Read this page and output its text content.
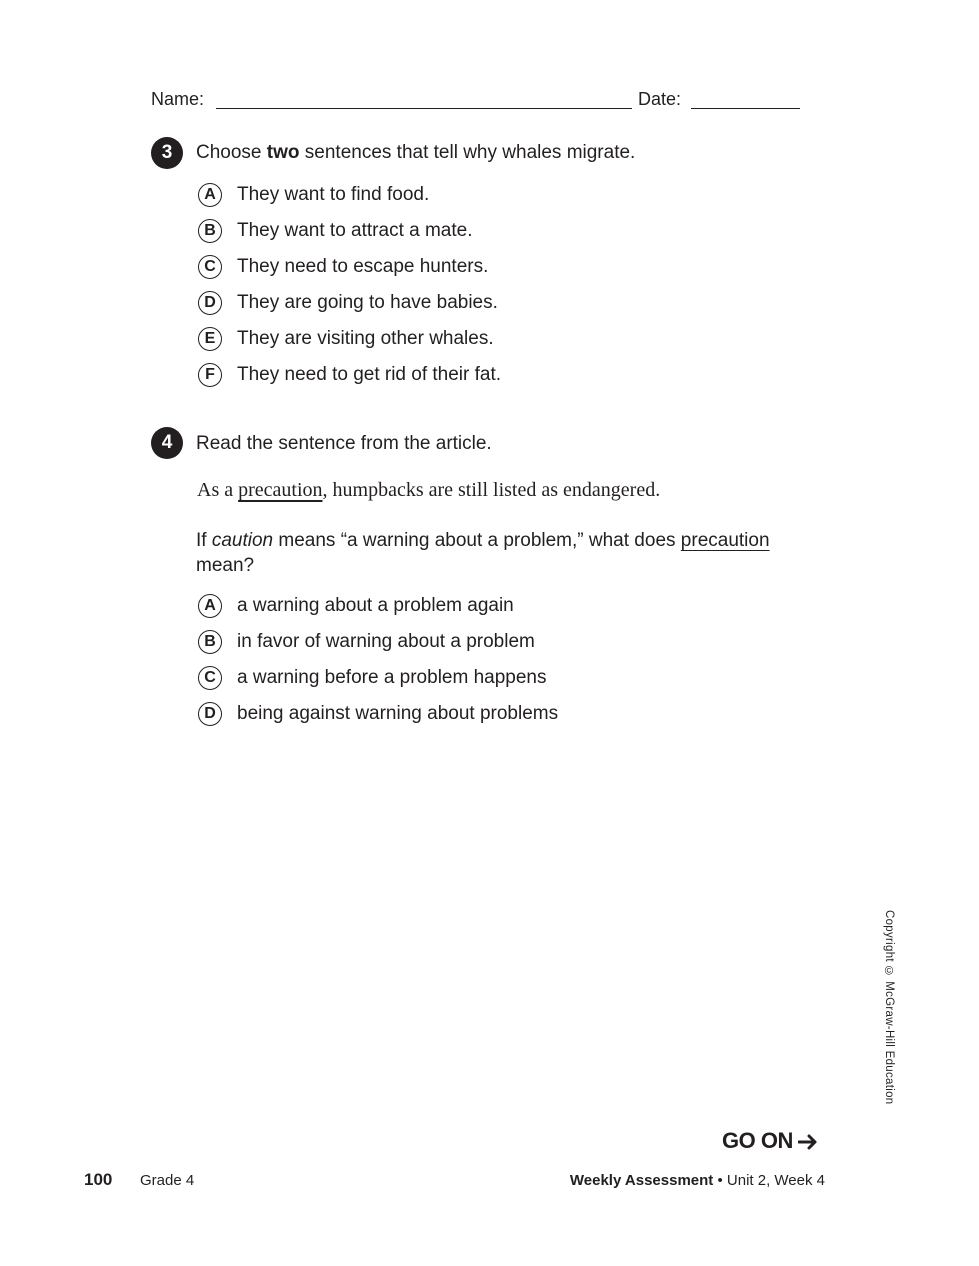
Name:	Date:
3	Choose two sentences that tell why whales migrate.
A	They want to find food.
B	They want to attract a mate.
C	They need to escape hunters.
D	They are going to have babies.
E	They are visiting other whales.
F	They need to get rid of their fat.
4	Read the sentence from the article.
As a precaution, humpbacks are still listed as endangered.
If caution means “a warning about a problem,” what does precaution
mean?
A	a warning about a problem again
B	in favor of warning about a problem
C	a warning before a problem happens
D	being against warning about problems
Copyright © McGraw-Hill Education
GO ON
100 Grade 4	Weekly Assessment • Unit 2, Week 4
